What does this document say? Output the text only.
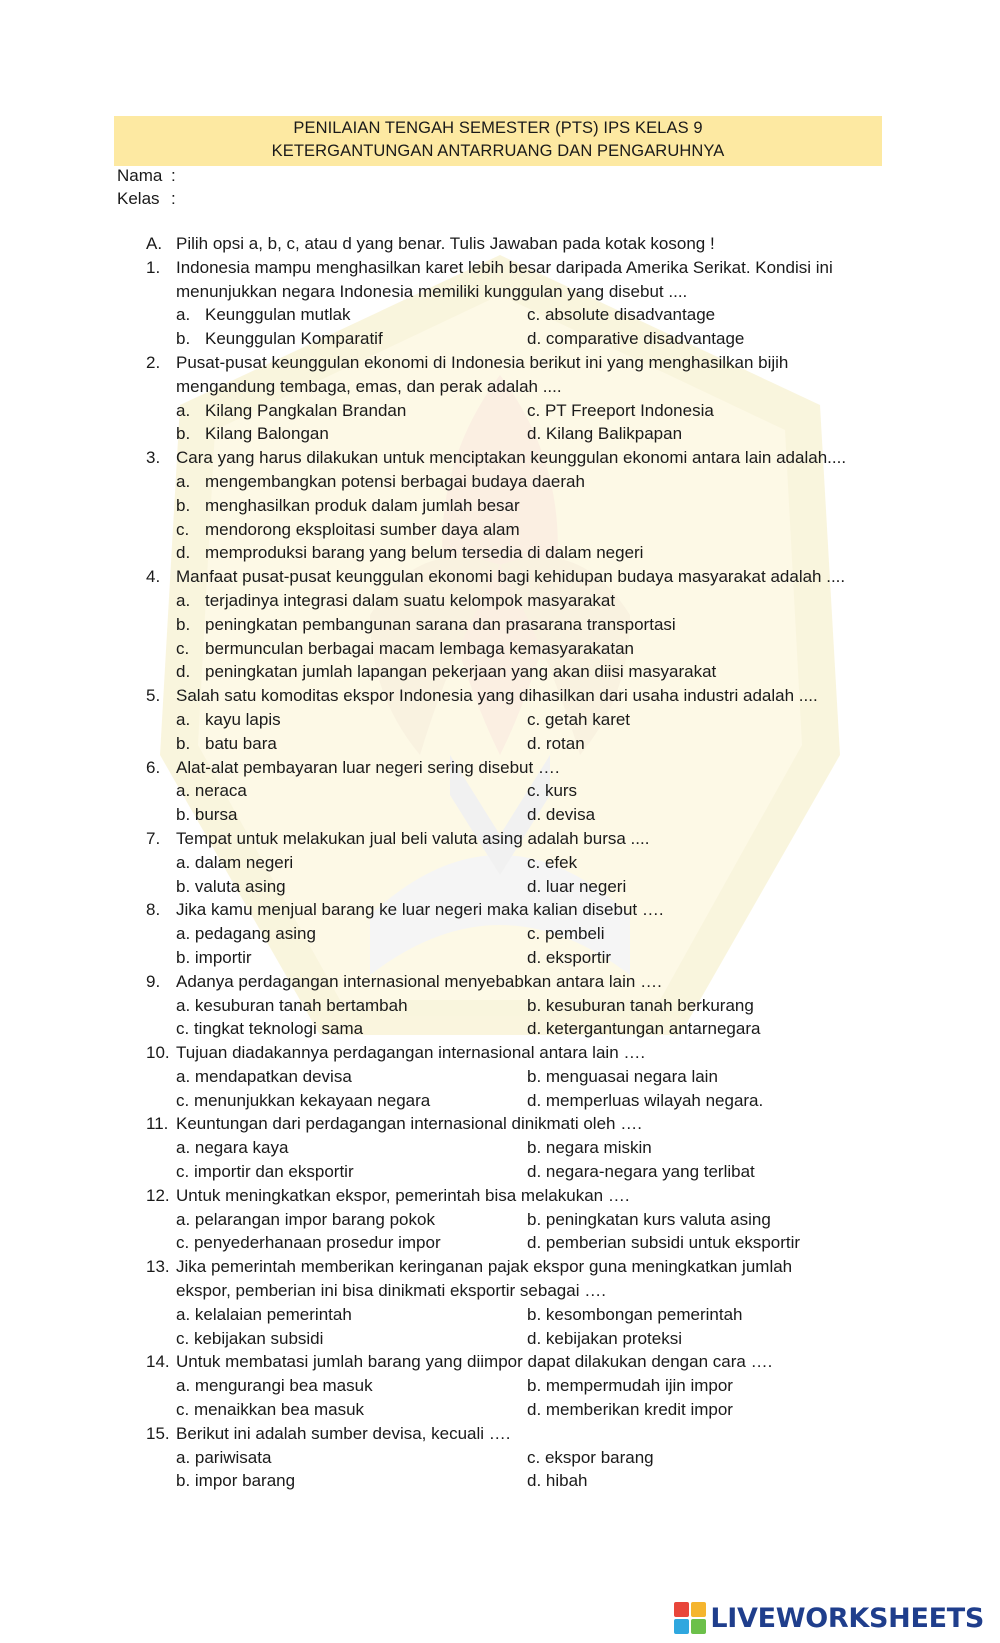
PENILAIAN TENGAH SEMESTER (PTS) IPS KELAS 9
KETERGANTUNGAN ANTARRUANG DAN PENGARUHNYA
Nama :
Kelas :
A. Pilih opsi a, b, c, atau d yang benar. Tulis Jawaban pada kotak kosong !
1. Indonesia mampu menghasilkan karet lebih besar daripada Amerika Serikat. Kondisi ini
menunjukkan negara Indonesia memiliki kunggulan yang disebut ....
a. Keunggulan mutlak	c. absolute disadvantage
b. Keunggulan Komparatif	d. comparative disadvantage
2. Pusat-pusat keunggulan ekonomi di Indonesia berikut ini yang menghasilkan bijih
mengandung tembaga, emas, dan perak adalah ....
a. Kilang Pangkalan Brandan	c. PT Freeport Indonesia
b. Kilang Balongan	d. Kilang Balikpapan
3. Cara yang harus dilakukan untuk menciptakan keunggulan ekonomi antara lain adalah....
a. mengembangkan potensi berbagai budaya daerah
b. menghasilkan produk dalam jumlah besar
c. mendorong eksploitasi sumber daya alam
d. memproduksi barang yang belum tersedia di dalam negeri
4. Manfaat pusat-pusat keunggulan ekonomi bagi kehidupan budaya masyarakat adalah ....
a. terjadinya integrasi dalam suatu kelompok masyarakat
b. peningkatan pembangunan sarana dan prasarana transportasi
c. bermunculan berbagai macam lembaga kemasyarakatan
d. peningkatan jumlah lapangan pekerjaan yang akan diisi masyarakat
5. Salah satu komoditas ekspor Indonesia yang dihasilkan dari usaha industri adalah ....
a. kayu lapis	c. getah karet
b. batu bara	d. rotan
6. Alat-alat pembayaran luar negeri sering disebut ….
a. neraca	c. kurs
b. bursa	d. devisa
7. Tempat untuk melakukan jual beli valuta asing adalah bursa ....
a. dalam negeri	c. efek
b. valuta asing	d. luar negeri
8. Jika kamu menjual barang ke luar negeri maka kalian disebut ….
a. pedagang asing	c. pembeli
b. importir	d. eksportir
9. Adanya perdagangan internasional menyebabkan antara lain ….
a. kesuburan tanah bertambah	b. kesuburan tanah berkurang
c. tingkat teknologi sama	d. ketergantungan antarnegara
10. Tujuan diadakannya perdagangan internasional antara lain ….
a. mendapatkan devisa	b. menguasai negara lain
c. menunjukkan kekayaan negara	d. memperluas wilayah negara.
11. Keuntungan dari perdagangan internasional dinikmati oleh ….
a. negara kaya	b. negara miskin
c. importir dan eksportir	d. negara-negara yang terlibat
12. Untuk meningkatkan ekspor, pemerintah bisa melakukan ….
a. pelarangan impor barang pokok	b. peningkatan kurs valuta asing
c. penyederhanaan prosedur impor	d. pemberian subsidi untuk eksportir
13. Jika pemerintah memberikan keringanan pajak ekspor guna meningkatkan jumlah
ekspor, pemberian ini bisa dinikmati eksportir sebagai ….
a. kelalaian pemerintah	b. kesombongan pemerintah
c. kebijakan subsidi	d. kebijakan proteksi
14. Untuk membatasi jumlah barang yang diimpor dapat dilakukan dengan cara ….
a. mengurangi bea masuk	b. mempermudah ijin impor
c. menaikkan bea masuk	d. memberikan kredit impor
15. Berikut ini adalah sumber devisa, kecuali ….
a. pariwisata	c. ekspor barang
b. impor barang	d. hibah
LIVEWORKSHEETS
